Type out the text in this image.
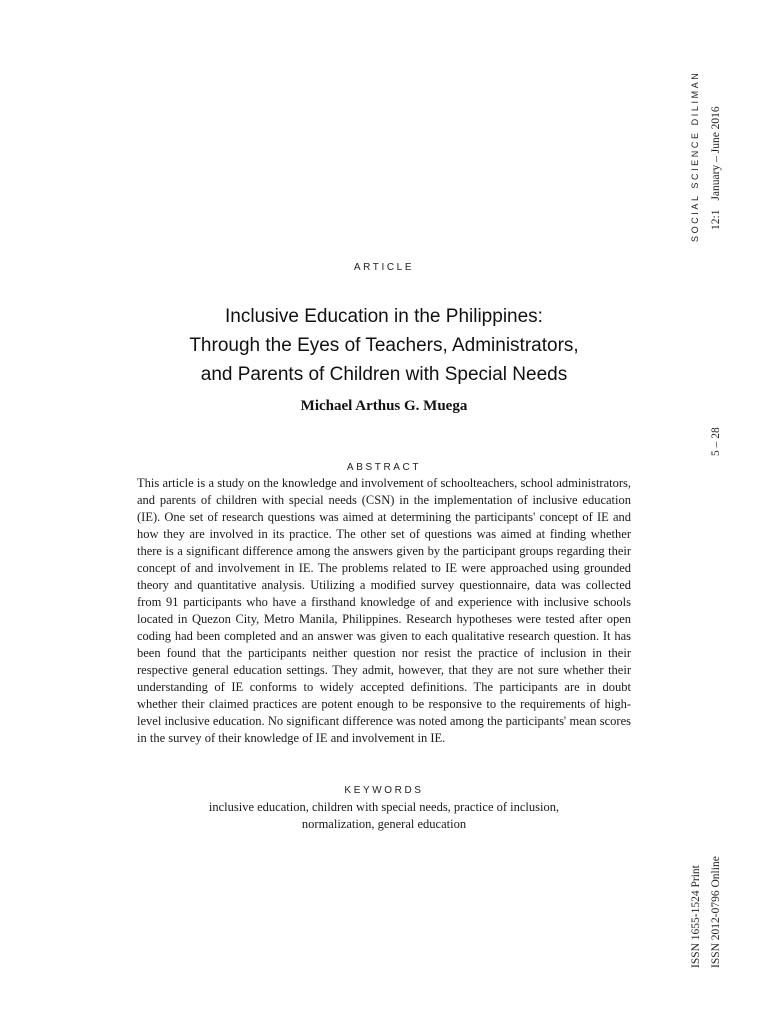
SOCIAL SCIENCE DILIMAN 12:1January – June 2016
5 – 28
ISSN 1655-1524 Print ISSN 2012-0796 Online
ARTICLE
Inclusive Education in the Philippines:
Through the Eyes of Teachers, Administrators,
and Parents of Children with Special Needs
Michael Arthus G. Muega
ABSTRACT

This article is a study on the knowledge and involvement of schoolteachers, school administrators, and parents of children with special needs (CSN) in the implementation of inclusive education (IE). One set of research questions was aimed at determining the participants' concept of IE and how they are involved in its practice. The other set of questions was aimed at finding whether there is a significant difference among the answers given by the participant groups regarding their concept of and involvement in IE. The problems related to IE were approached using grounded theory and quantitative analysis. Utilizing a modified survey questionnaire, data was collected from 91 participants who have a firsthand knowledge of and experience with inclusive schools located in Quezon City, Metro Manila, Philippines. Research hypotheses were tested after open coding had been completed and an answer was given to each qualitative research question. It has been found that the participants neither question nor resist the practice of inclusion in their respective general education settings. They admit, however, that they are not sure whether their understanding of IE conforms to widely accepted definitions. The participants are in doubt whether their claimed practices are potent enough to be responsive to the requirements of high-level inclusive education. No significant difference was noted among the participants' mean scores in the survey of their knowledge of IE and involvement in IE.

KEYWORDS
inclusive education, children with special needs, practice of inclusion,
normalization, general education
